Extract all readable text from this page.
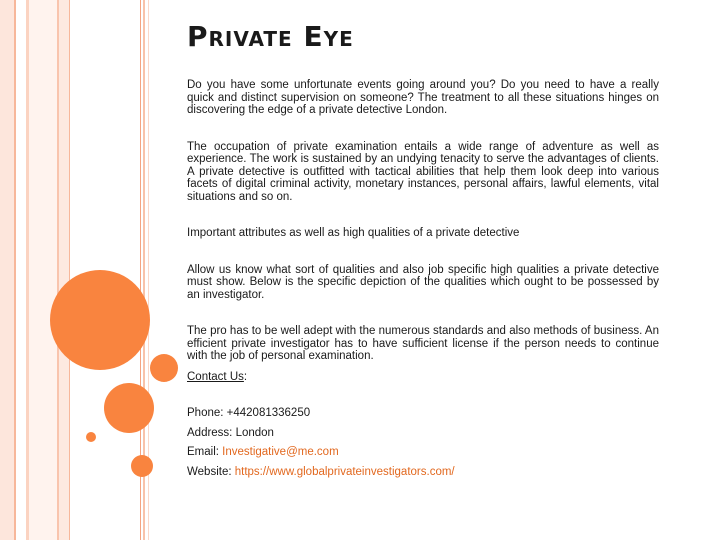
Private Eye

Do you have some unfortunate events going around you? Do you need to have a really quick and distinct supervision on someone? The treatment to all these situations hinges on discovering the edge of a private detective London.

The occupation of private examination entails a wide range of adventure as well as experience. The work is sustained by an undying tenacity to serve the advantages of clients. A private detective is outfitted with tactical abilities that help them look deep into various facets of digital criminal activity, monetary instances, personal affairs, lawful elements, vital situations and so on.

Important attributes as well as high qualities of a private detective

Allow us know what sort of qualities and also job specific high qualities a private detective must show. Below is the specific depiction of the qualities which ought to be possessed by an investigator.

The pro has to be well adept with the numerous standards and also methods of business. An efficient private investigator has to have sufficient license if the person needs to continue with the job of personal examination.

Contact Us:

Phone: +442081336250

Address: London

Email: Investigative@me.com

Website: https://www.globalprivateinvestigators.com/
